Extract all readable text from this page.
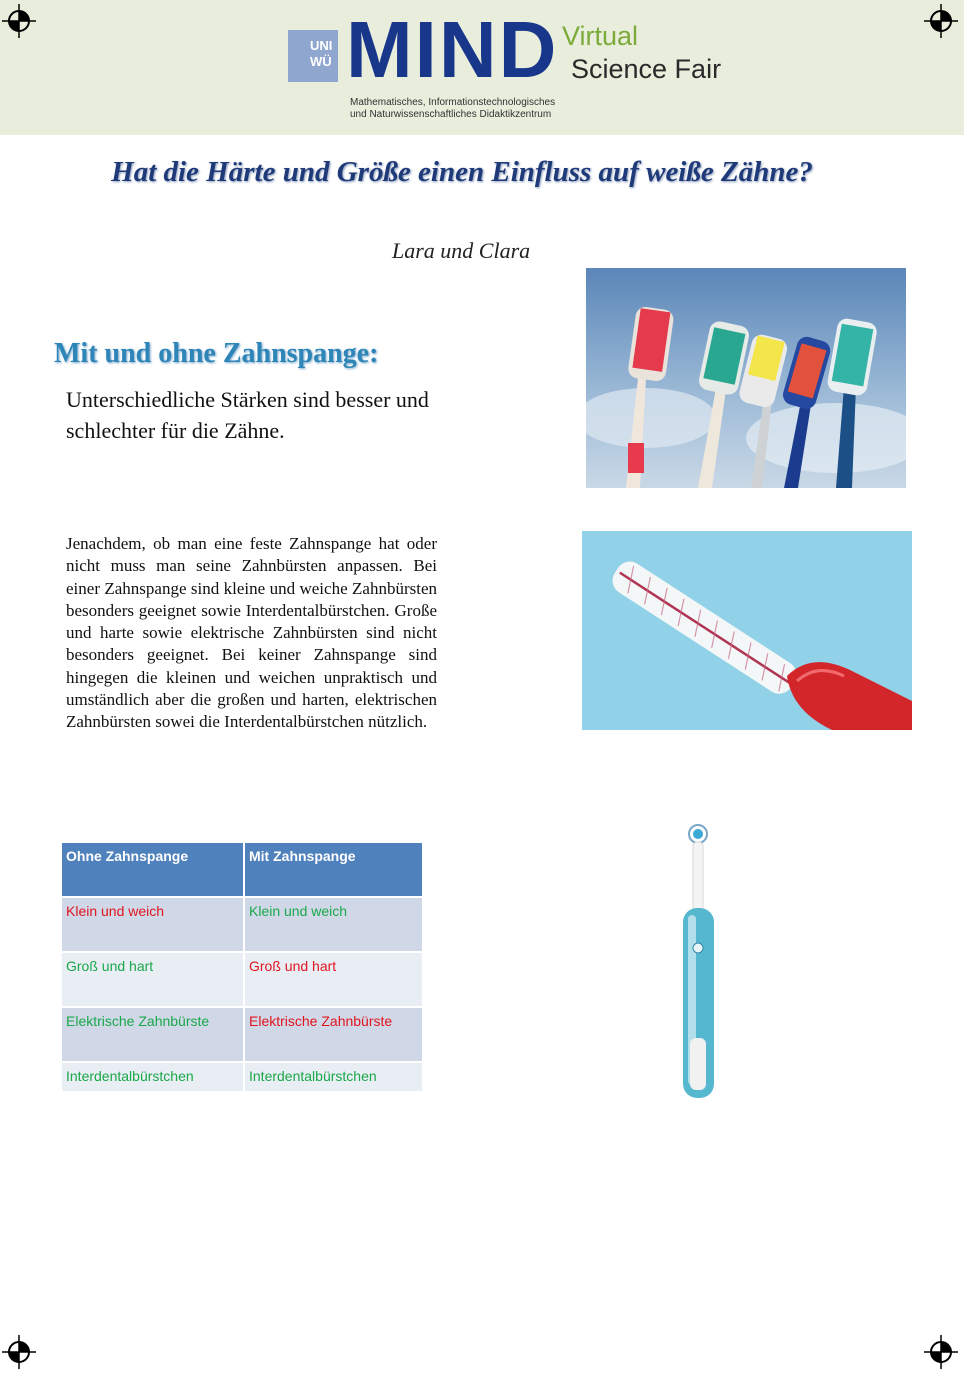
UNI
WÜ MIND Virtual
Science Fair
Mathematisches, Informationstechnologisches
und Naturwissenschaftliches Didaktikzentrum
Hat die Härte und Größe einen Einfluss auf weiße Zähne?
Lara und Clara
Mit und ohne Zahnspange:
Unterschiedliche Stärken sind besser und schlechter für die Zähne.
Jenachdem, ob man eine feste Zahnspange hat oder nicht muss man seine Zahnbürsten anpassen. Bei einer Zahnspange sind kleine und weiche Zahnbürsten besonders geeignet sowie Interdentalbürstchen. Große und harte sowie elektrische Zahnbürsten sind nicht besonders geeignet. Bei keiner Zahnspange sind hingegen die kleinen und weichen unpraktisch und umständlich aber die großen und harten, elektrischen Zahnbürsten sowei die Interdentalbürstchen nützlich.
Ohne Zahnspange	Mit Zahnspange
Klein und weich	Klein und weich
Groß und hart	Groß und hart
Elektrische Zahnbürste	Elektrische Zahnbürste
Interdentalbürstchen	Interdentalbürstchen
